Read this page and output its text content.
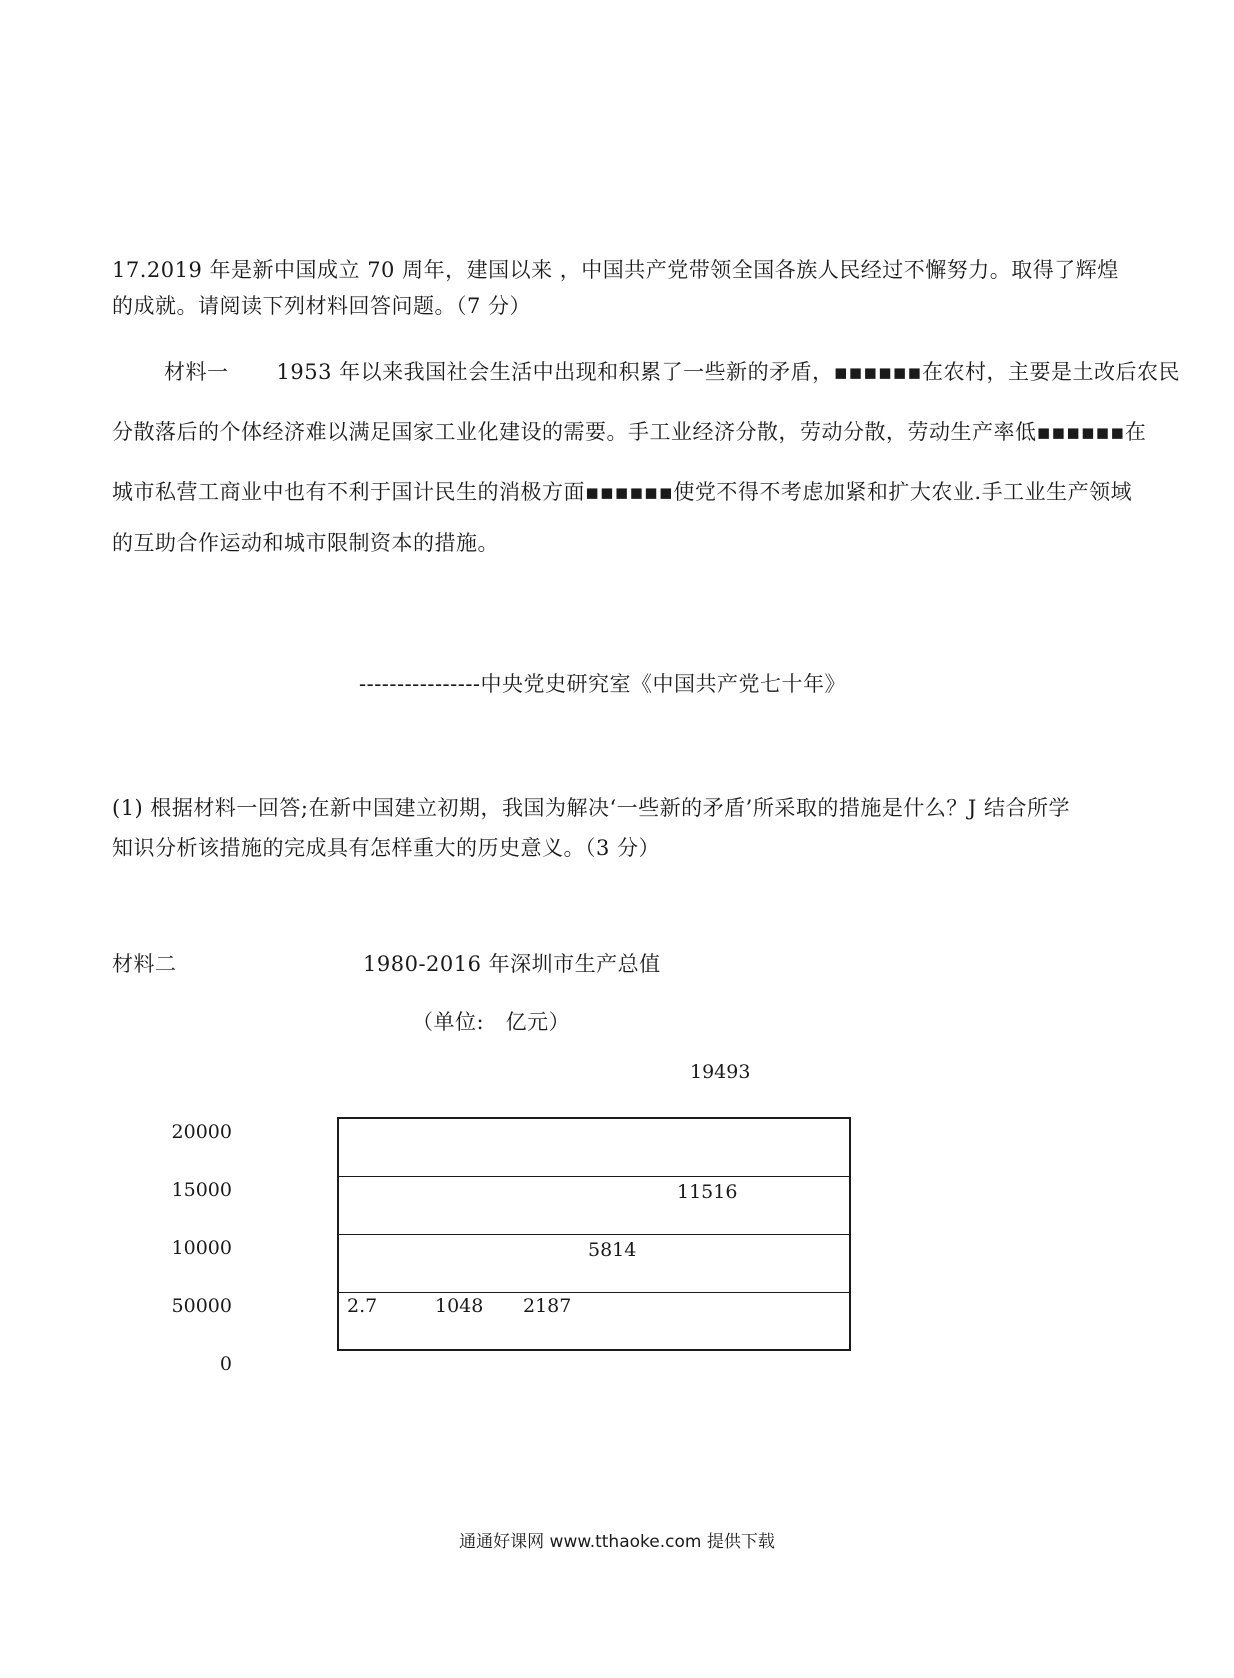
17.2019 年是新中国成立 70 周年，建国以来 ，中国共产党带领全国各族人民经过不懈努力。取得了辉煌

的成就。请阅读下列材料回答问题。（7 分）

材料一 1953 年以来我国社会生活中出现和积累了一些新的矛盾，▪▪▪▪▪▪在农村，主要是土改后农民

分散落后的个体经济难以满足国家工业化建设的需要。手工业经济分散，劳动分散，劳动生产率低▪▪▪▪▪▪在

城市私营工商业中也有不利于国计民生的消极方面▪▪▪▪▪▪使党不得不考虑加紧和扩大农业.手工业生产领域

的互助合作运动和城市限制资本的措施。

----------------中央党史研究室《中国共产党七十年》

(1) 根据材料一回答;在新中国建立初期，我国为解决‘一些新的矛盾’所采取的措施是什么？J 结合所学

知识分析该措施的完成具有怎样重大的历史意义。（3 分）

材料二	1980-2016 年深圳市生产总值
（单位:　亿元）
20000
15000
10000
50000
0
2.7	1048 2187
5814
11516
19493
通通好课网 www.tthaoke.com 提供下载
